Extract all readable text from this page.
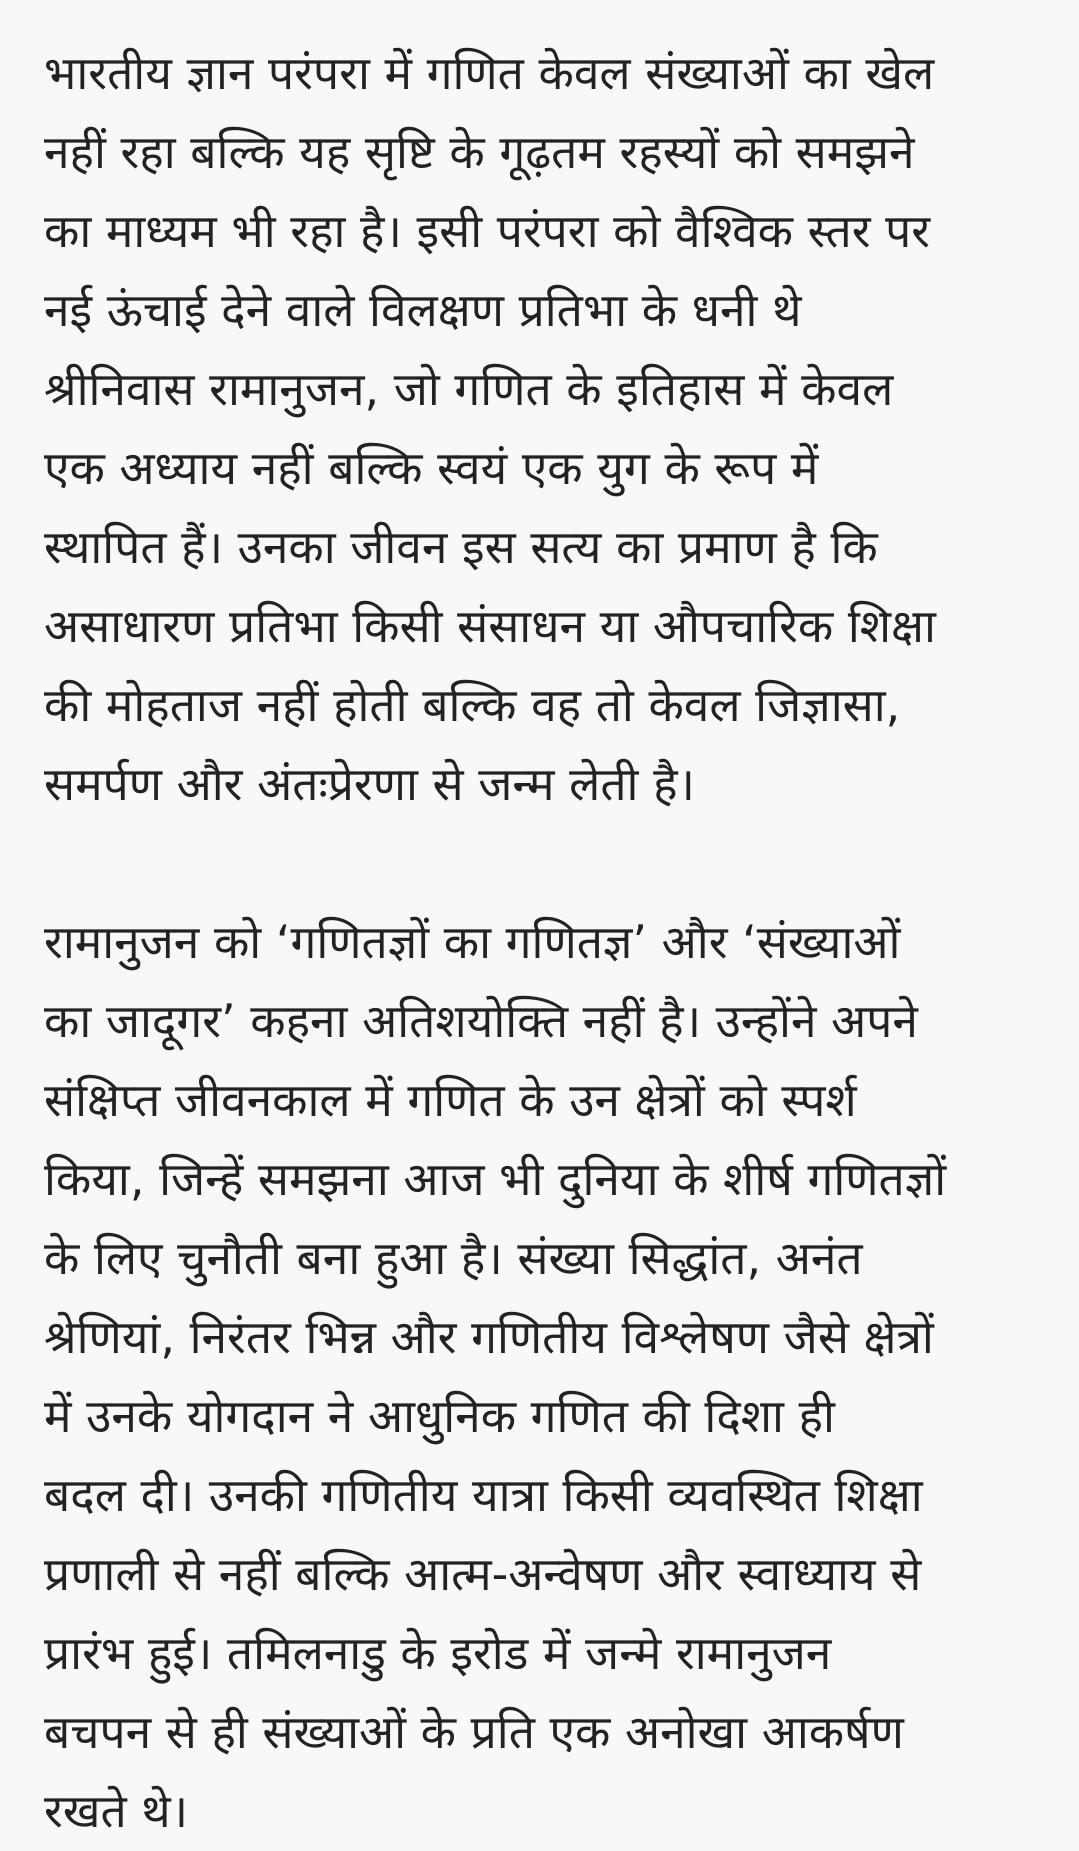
भारतीय ज्ञान परंपरा में गणित केवल संख्याओं का खेल
नहीं रहा बल्कि यह सृष्टि के गूढ़तम रहस्यों को समझने
का माध्यम भी रहा है। इसी परंपरा को वैश्विक स्तर पर
नई ऊंचाई देने वाले विलक्षण प्रतिभा के धनी थे
श्रीनिवास रामानुजन, जो गणित के इतिहास में केवल
एक अध्याय नहीं बल्कि स्वयं एक युग के रूप में
स्थापित हैं। उनका जीवन इस सत्य का प्रमाण है कि
असाधारण प्रतिभा किसी संसाधन या औपचारिक शिक्षा
की मोहताज नहीं होती बल्कि वह तो केवल जिज्ञासा,
समर्पण और अंतःप्रेरणा से जन्म लेती है।
रामानुजन को ‘गणितज्ञों का गणितज्ञ’ और ‘संख्याओं
का जादूगर’ कहना अतिशयोक्ति नहीं है। उन्होंने अपने
संक्षिप्त जीवनकाल में गणित के उन क्षेत्रों को स्पर्श
किया, जिन्हें समझना आज भी दुनिया के शीर्ष गणितज्ञों
के लिए चुनौती बना हुआ है। संख्या सिद्धांत, अनंत
श्रेणियां, निरंतर भिन्न और गणितीय विश्लेषण जैसे क्षेत्रों
में उनके योगदान ने आधुनिक गणित की दिशा ही
बदल दी। उनकी गणितीय यात्रा किसी व्यवस्थित शिक्षा
प्रणाली से नहीं बल्कि आत्म-अन्वेषण और स्वाध्याय से
प्रारंभ हुई। तमिलनाडु के इरोड में जन्मे रामानुजन
बचपन से ही संख्याओं के प्रति एक अनोखा आकर्षण
रखते थे।
